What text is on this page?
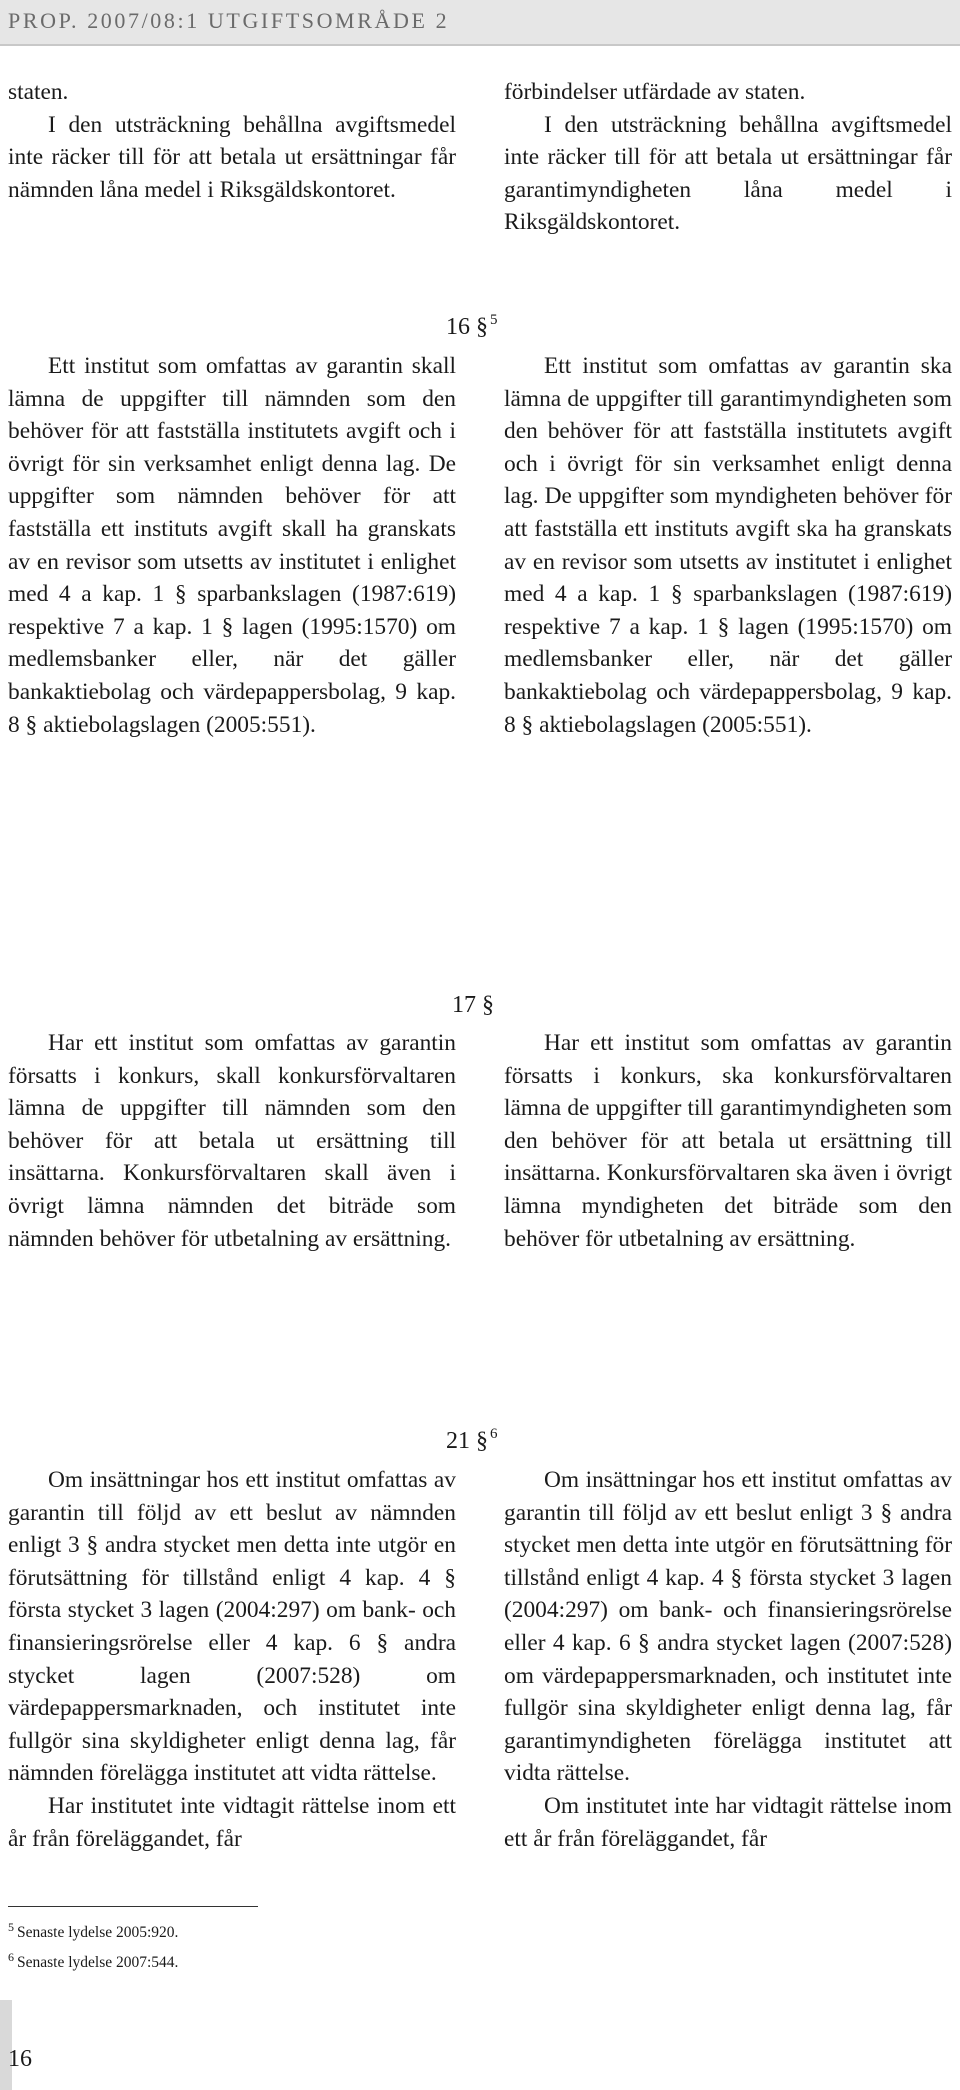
PROP. 2007/08:1 UTGIFTSOMRÅDE 2

staten.

I den utsträckning behållna avgiftsmedel inte räcker till för att betala ut ersättningar får nämnden låna medel i Riksgäldskontoret.

förbindelser utfärdade av staten.

I den utsträckning behållna avgiftsmedel inte räcker till för att betala ut ersättningar får garantimyndigheten låna medel i Riksgäldskontoret.

16 § $^5$

Ett institut som omfattas av garantin skall lämna de uppgifter till nämnden som den behöver för att fastställa institutets avgift och i övrigt för sin verksamhet enligt denna lag. De uppgifter som nämnden behöver för att fastställa ett instituts avgift skall ha granskats av en revisor som utsetts av institutet i enlighet med 4 a kap. 1 § sparbankslagen (1987:619) respektive 7 a kap. 1 § lagen (1995:1570) om medlemsbanker eller, när det gäller bankaktiebolag och värdepappersbolag, 9 kap. 8 § aktiebolagslagen (2005:551).

Ett institut som omfattas av garantin ska lämna de uppgifter till garantimyndigheten som den behöver för att fastställa institutets avgift och i övrigt för sin verksamhet enligt denna lag. De uppgifter som myndigheten behöver för att fastställa ett instituts avgift ska ha granskats av en revisor som utsetts av institutet i enlighet med 4 a kap. 1 § sparbankslagen (1987:619) respektive 7 a kap. 1 § lagen (1995:1570) om medlemsbanker eller, när det gäller bankaktiebolag och värdepappersbolag, 9 kap. 8 § aktiebolagslagen (2005:551).

17 §

Har ett institut som omfattas av garantin försatts i konkurs, skall konkursförvaltaren lämna de uppgifter till nämnden som den behöver för att betala ut ersättning till insättarna. Konkursförvaltaren skall även i övrigt lämna nämnden det biträde som nämnden behöver för utbetalning av ersättning.

Har ett institut som omfattas av garantin försatts i konkurs, ska konkursförvaltaren lämna de uppgifter till garantimyndigheten som den behöver för att betala ut ersättning till insättarna. Konkursförvaltaren ska även i övrigt lämna myndigheten det biträde som den behöver för utbetalning av ersättning.

21 § $^6$

Om insättningar hos ett institut omfattas av garantin till följd av ett beslut av nämnden enligt 3 § andra stycket men detta inte utgör en förutsättning för tillstånd enligt 4 kap. 4 § första stycket 3 lagen (2004:297) om bank- och finansieringsrörelse eller 4 kap. 6 § andra stycket lagen (2007:528) om värdepappersmarknaden, och institutet inte fullgör sina skyldigheter enligt denna lag, får nämnden förelägga institutet att vidta rättelse.

Har institutet inte vidtagit rättelse inom ett år från föreläggandet, får

Om insättningar hos ett institut omfattas av garantin till följd av ett beslut enligt 3 § andra stycket men detta inte utgör en förutsättning för tillstånd enligt 4 kap. 4 § första stycket 3 lagen (2004:297) om bank- och finansieringsrörelse eller 4 kap. 6 § andra stycket lagen (2007:528) om värdepappersmarknaden, och institutet inte fullgör sina skyldigheter enligt denna lag, får garantimyndigheten förelägga institutet att vidta rättelse.

Om institutet inte har vidtagit rättelse inom ett år från föreläggandet, får

$^5$ Senaste lydelse 2005:920.
$^6$ Senaste lydelse 2007:544.
16
